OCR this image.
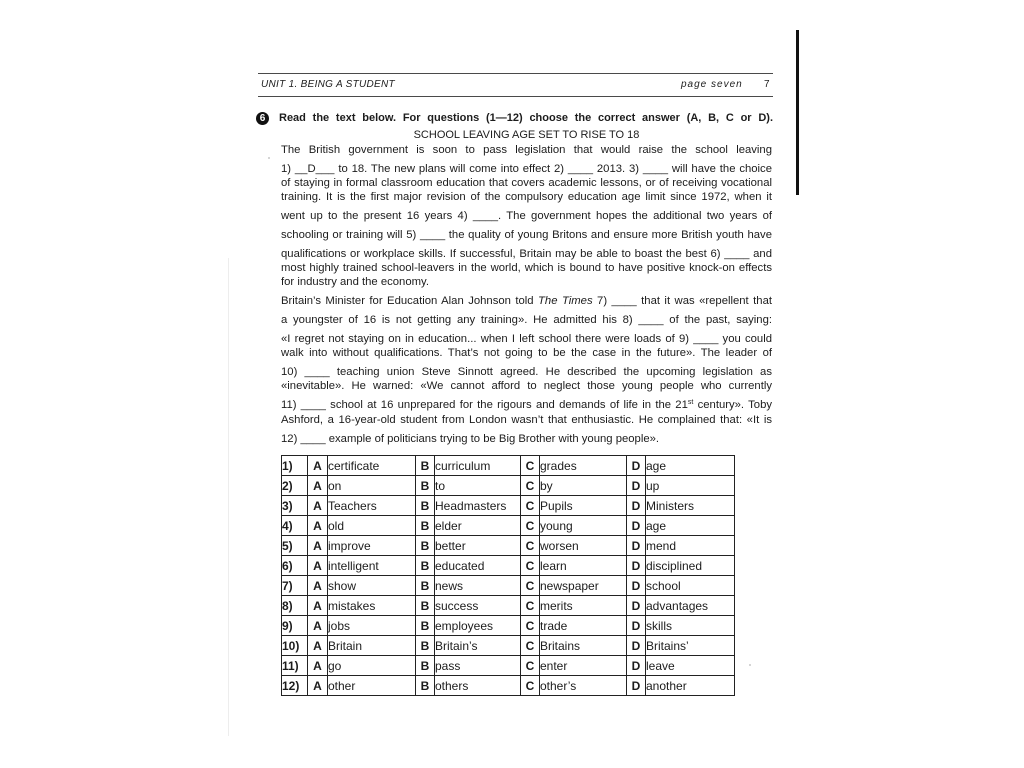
UNIT 1. BEING A STUDENT	page seven 7
6	Read the text below. For questions (1—12) choose the correct answer (A, B, C or D).
SCHOOL LEAVING AGE SET TO RISE TO 18
The British government is soon to pass legislation that would raise the school leaving
1) __D___ to 18. The new plans will come into effect 2) ____ 2013. 3) ____ will have the choice
of staying in formal classroom education that covers academic lessons, or of receiving vocational
training. It is the first major revision of the compulsory education age limit since 1972, when it
went up to the present 16 years 4) ____. The government hopes the additional two years of
schooling or training will 5) ____ the quality of young Britons and ensure more British youth have
qualifications or workplace skills. If successful, Britain may be able to boast the best 6) ____ and
most highly trained school-leavers in the world, which is bound to have positive knock-on effects
for industry and the economy.
Britain’s Minister for Education Alan Johnson told The Times 7) ____ that it was «repellent that
a youngster of 16 is not getting any training». He admitted his 8) ____ of the past, saying:
«I regret not staying on in education... when I left school there were loads of 9) ____ you could
walk into without qualifications. That’s not going to be the case in the future». The leader of
10) ____ teaching union Steve Sinnott agreed. He described the upcoming legislation as
«inevitable». He warned: «We cannot afford to neglect those young people who currently
11) ____ school at 16 unprepared for the rigours and demands of life in the 21st century». Toby
Ashford, a 16-year-old student from London wasn’t that enthusiastic. He complained that: «It is
12) ____ example of politicians trying to be Big Brother with young people».
1)	A	certificate	B	curriculum	C	grades	D	age
2)	A	on	B	to	C	by	D	up
3)	A	Teachers	B	Headmasters	C	Pupils	D	Ministers
4)	A	old	B	elder	C	young	D	age
5)	A	improve	B	better	C	worsen	D	mend
6)	A	intelligent	B	educated	C	learn	D	disciplined
7)	A	show	B	news	C	newspaper	D	school
8)	A	mistakes	B	success	C	merits	D	advantages
9)	A	jobs	B	employees	C	trade	D	skills
10)	A	Britain	B	Britain’s	C	Britains	D	Britains’
11)	A	go	B	pass	C	enter	D	leave
12)	A	other	B	others	C	other’s	D	another
